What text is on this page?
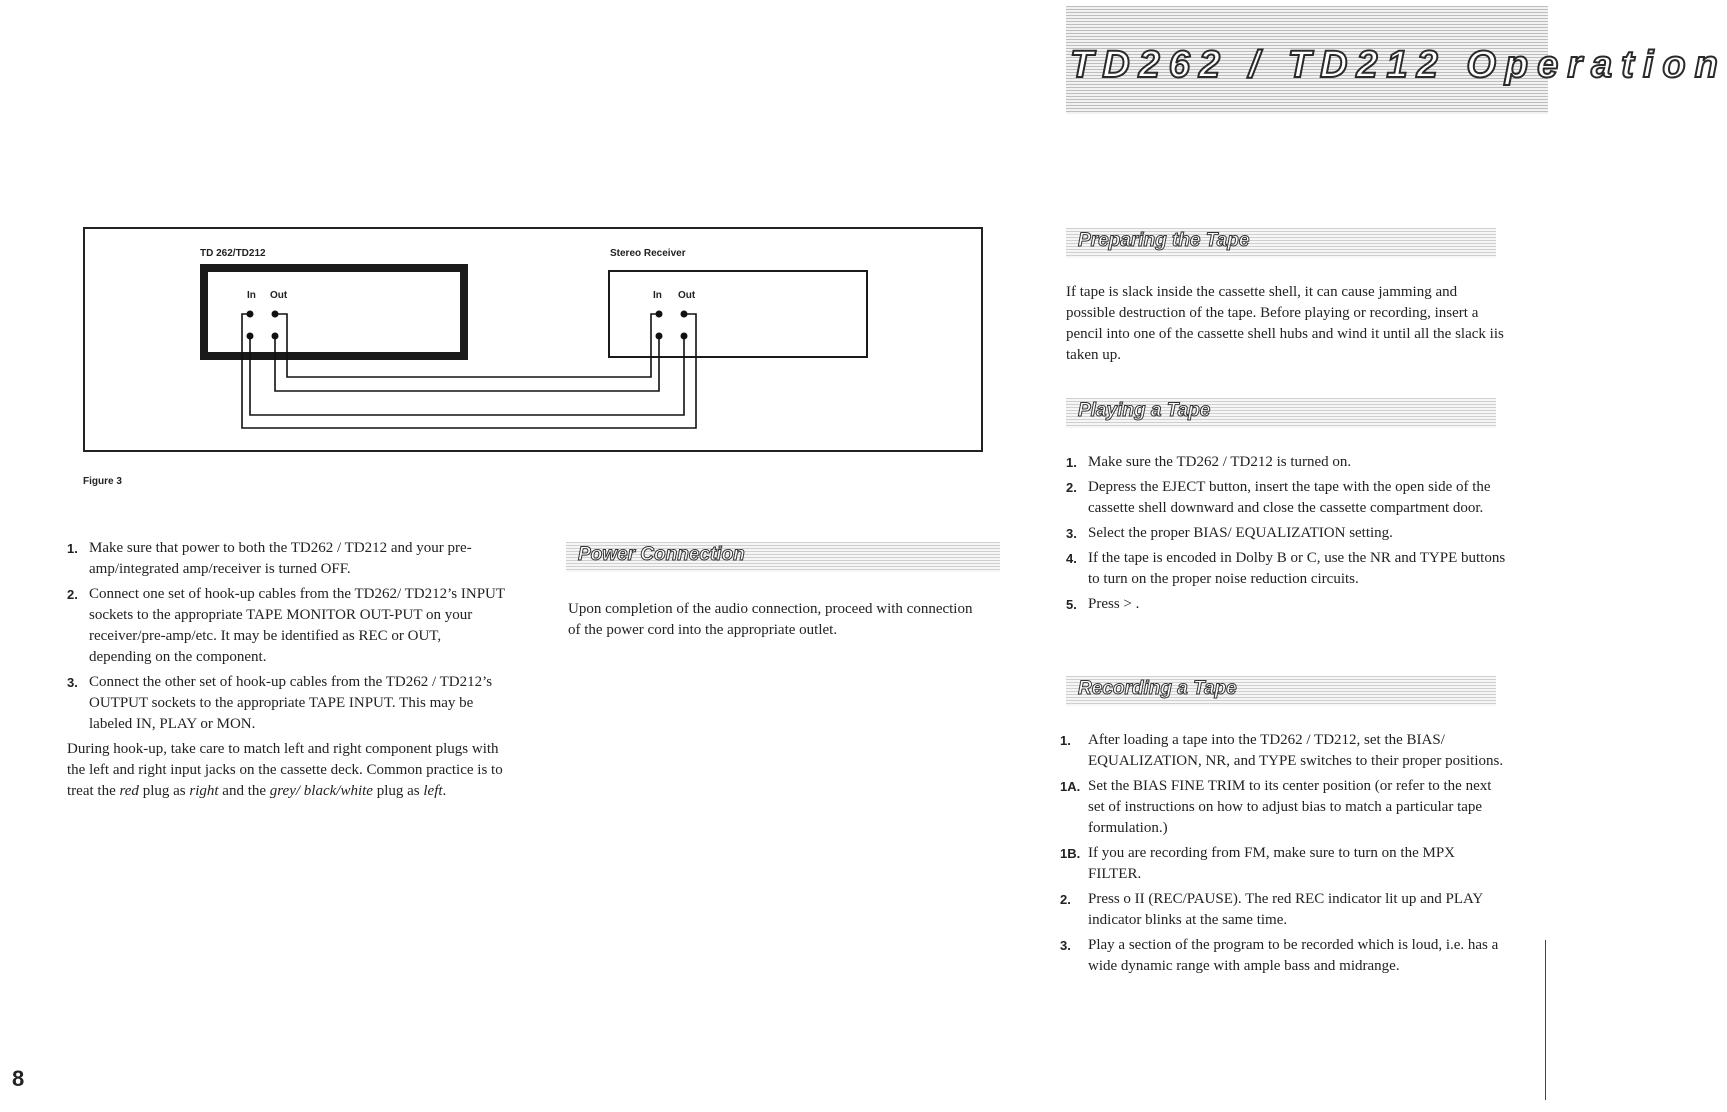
TD262 / TD212 Operation
TD 262/TD212	Stereo Receiver
In Out	In Out
Figure 3
1. Make sure that power to both the TD262 / TD212 and your pre-amp/integrated amp/receiver is turned OFF.
2. Connect one set of hook-up cables from the TD262/ TD212’s INPUT sockets to the appropriate TAPE MONITOR OUT-PUT on your receiver/pre-amp/etc. It may be identified as REC or OUT, depending on the component.
3. Connect the other set of hook-up cables from the TD262 / TD212’s OUTPUT sockets to the appropriate TAPE INPUT. This may be labeled IN, PLAY or MON.

During hook-up, take care to match left and right component plugs with the left and right input jacks on the cassette deck. Common practice is to treat the red plug as right and the grey/ black/white plug as left.

Power Connection
Upon completion of the audio connection, proceed with connection of the power cord into the appropriate outlet.
Preparing the Tape
If tape is slack inside the cassette shell, it can cause jamming and possible destruction of the tape. Before playing or recording, insert a pencil into one of the cassette shell hubs and wind it until all the slack iis taken up.
Playing a Tape
1. Make sure the TD262 / TD212 is turned on.
2. Depress the EJECT button, insert the tape with the open side of the cassette shell downward and close the cassette compartment door.
3. Select the proper BIAS/ EQUALIZATION setting.
4. If the tape is encoded in Dolby B or C, use the NR and TYPE buttons to turn on the proper noise reduction circuits.
5. Press > .
Recording a Tape
1. After loading a tape into the TD262 / TD212, set the BIAS/ EQUALIZATION, NR, and TYPE switches to their proper positions.
1A. Set the BIAS FINE TRIM to its center position (or refer to the next set of instructions on how to adjust bias to match a particular tape formulation.)
1B. If you are recording from FM, make sure to turn on the MPX FILTER.
2. Press o II (REC/PAUSE). The red REC indicator lit up and PLAY indicator blinks at the same time.
3. Play a section of the program to be recorded which is loud, i.e. has a wide dynamic range with ample bass and midrange.
8
